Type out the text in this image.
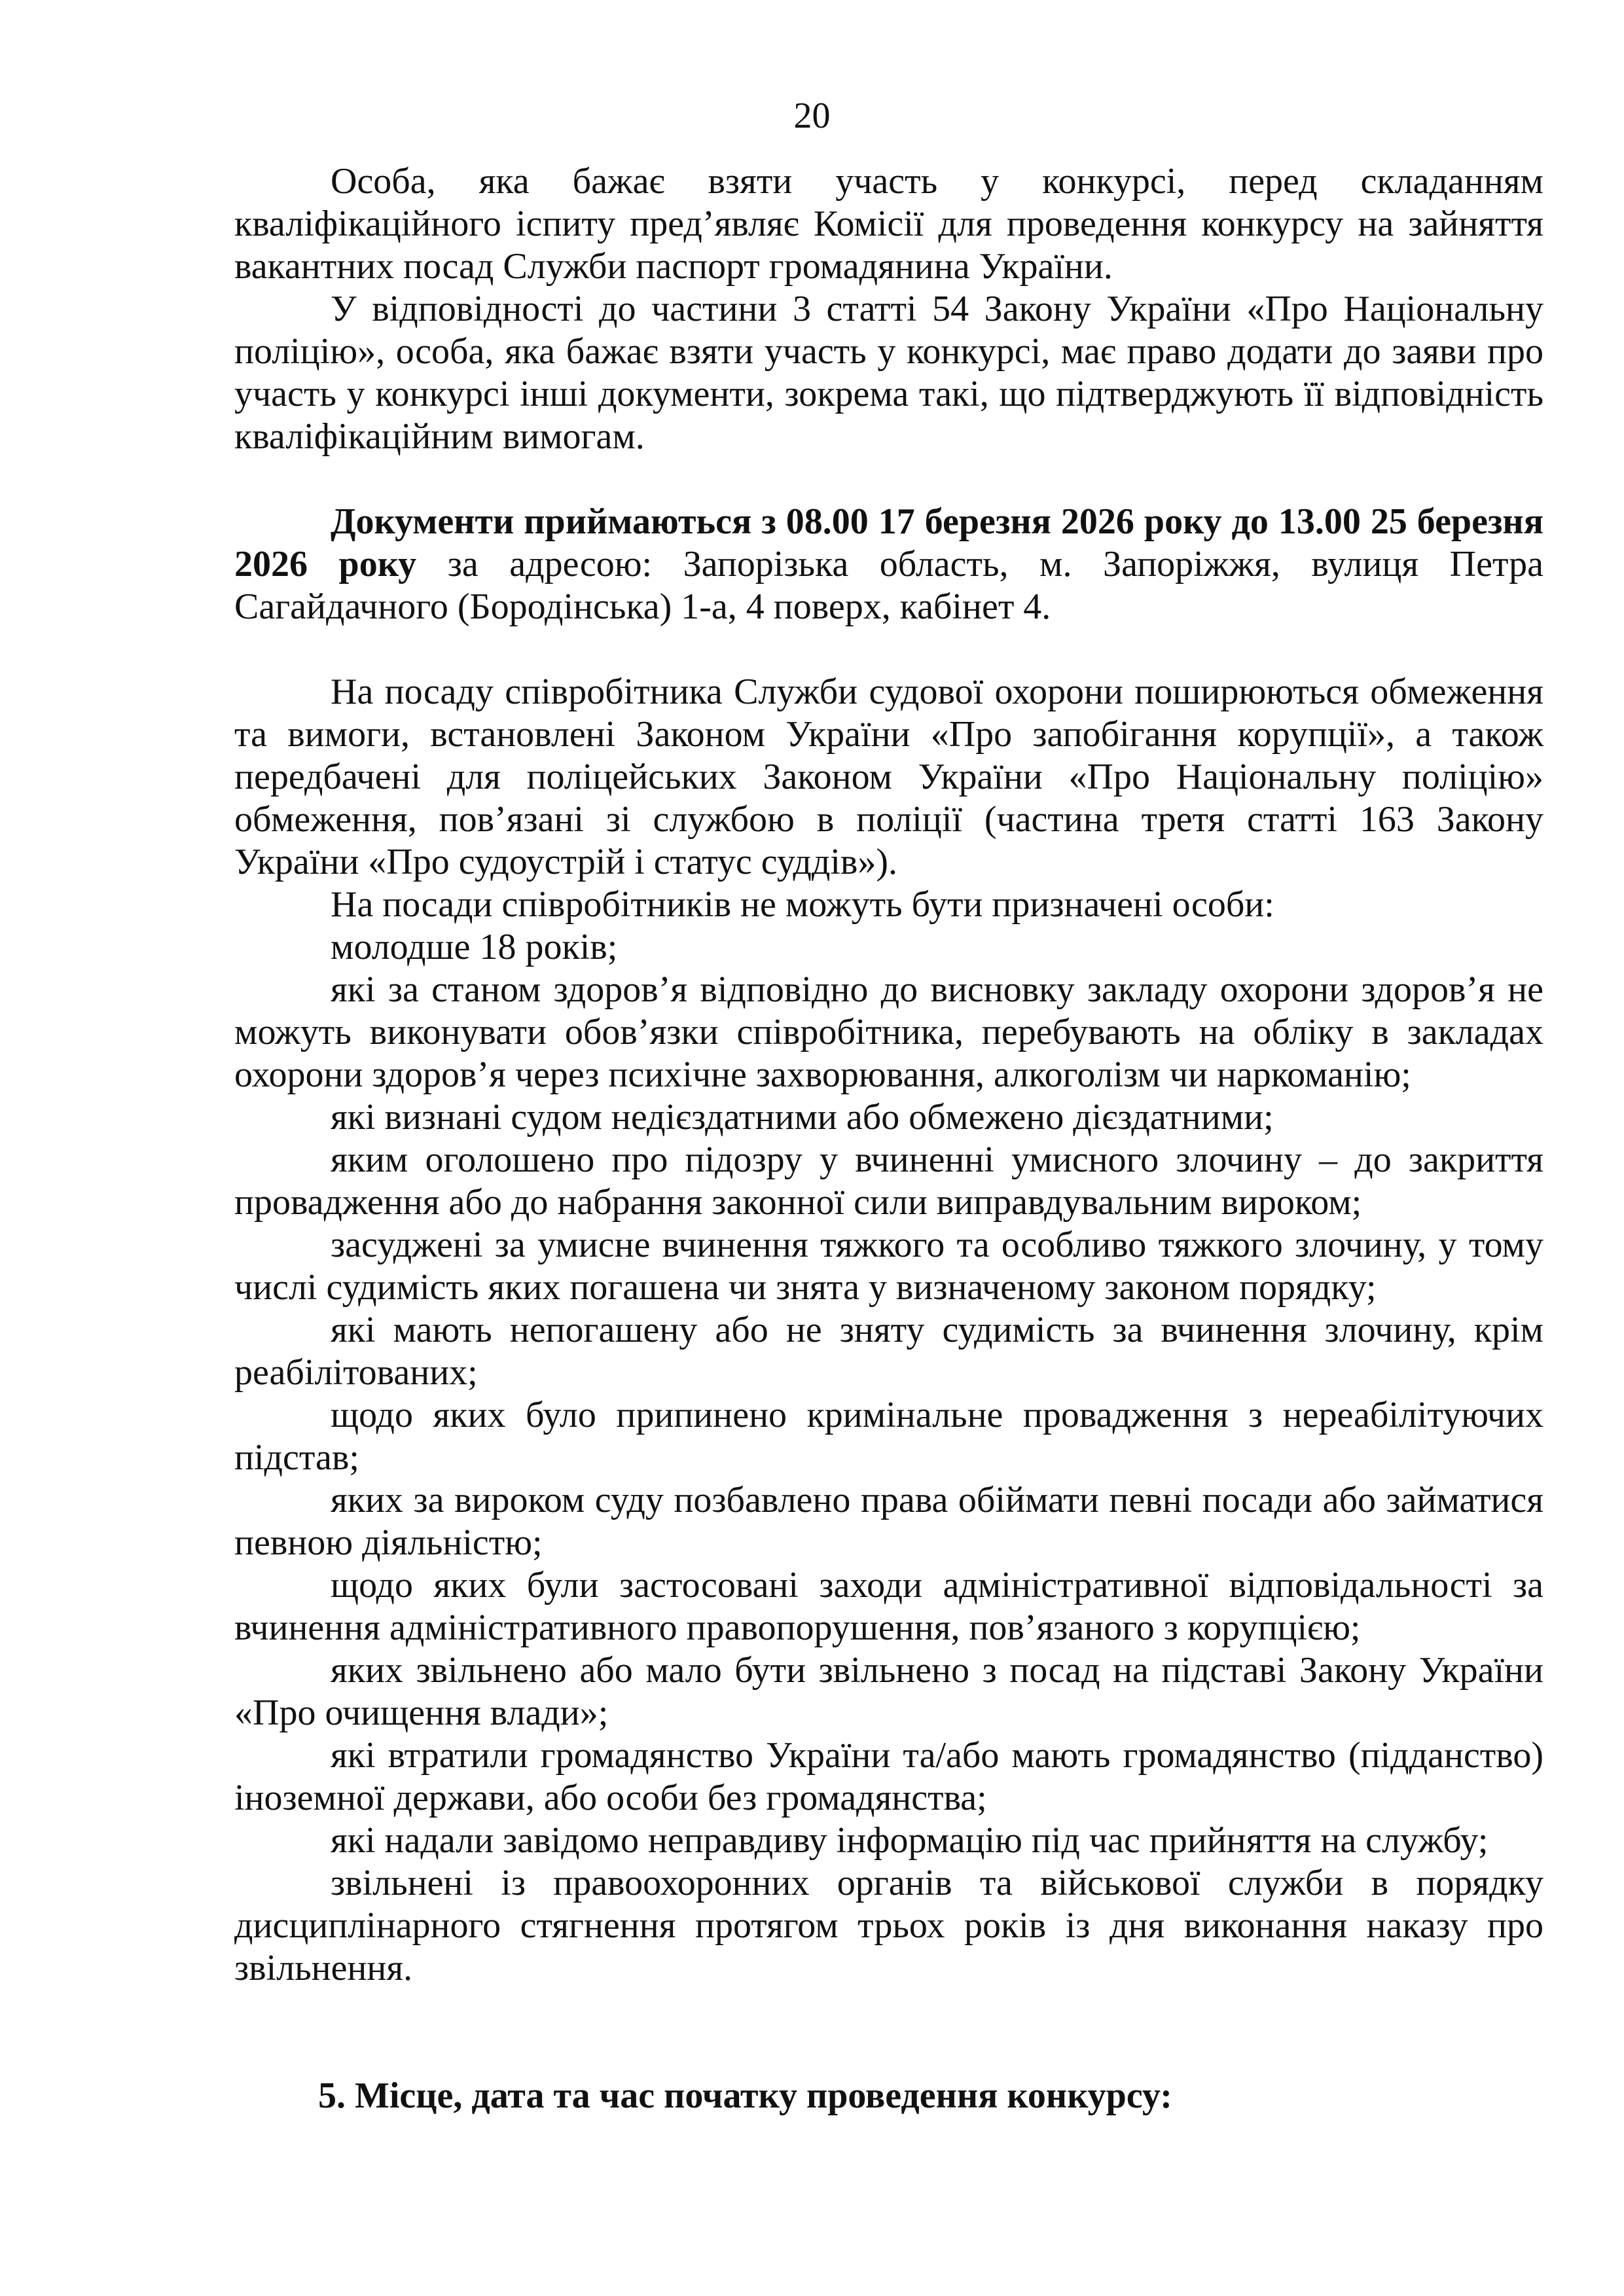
20

Особа, яка бажає взяти участь у конкурсі, перед складанням кваліфікаційного іспиту пред’являє Комісії для проведення конкурсу на зайняття вакантних посад Служби паспорт громадянина України.

У відповідності до частини 3 статті 54 Закону України «Про Національну поліцію», особа, яка бажає взяти участь у конкурсі, має право додати до заяви про участь у конкурсі інші документи, зокрема такі, що підтверджують її відповідність кваліфікаційним вимогам.

Документи приймаються з 08.00 17 березня 2026 року до 13.00 25 березня 2026 року за адресою: Запорізька область, м. Запоріжжя, вулиця Петра Сагайдачного (Бородінська) 1-а, 4 поверх, кабінет 4.

На посаду співробітника Служби судової охорони поширюються обмеження та вимоги, встановлені Законом України «Про запобігання корупції», а також передбачені для поліцейських Законом України «Про Національну поліцію» обмеження, пов’язані зі службою в поліції (частина третя статті 163 Закону України «Про судоустрій і статус суддів»).

На посади співробітників не можуть бути призначені особи:

молодше 18 років;

які за станом здоров’я відповідно до висновку закладу охорони здоров’я не можуть виконувати обов’язки співробітника, перебувають на обліку в закладах охорони здоров’я через психічне захворювання, алкоголізм чи наркоманію;

які визнані судом недієздатними або обмежено дієздатними;

яким оголошено про підозру у вчиненні умисного злочину – до закриття провадження або до набрання законної сили виправдувальним вироком;

засуджені за умисне вчинення тяжкого та особливо тяжкого злочину, у тому числі судимість яких погашена чи знята у визначеному законом порядку;

які мають непогашену або не зняту судимість за вчинення злочину, крім реабілітованих;

щодо яких було припинено кримінальне провадження з нереабілітуючих підстав;

яких за вироком суду позбавлено права обіймати певні посади або займатися певною діяльністю;

щодо яких були застосовані заходи адміністративної відповідальності за вчинення адміністративного правопорушення, пов’язаного з корупцією;

яких звільнено або мало бути звільнено з посад на підставі Закону України «Про очищення влади»;

які втратили громадянство України та/або мають громадянство (підданство) іноземної держави, або особи без громадянства;

які надали завідомо неправдиву інформацію під час прийняття на службу;

звільнені із правоохоронних органів та військової служби в порядку дисциплінарного стягнення протягом трьох років із дня виконання наказу про звільнення.

5. Місце, дата та час початку проведення конкурсу:
